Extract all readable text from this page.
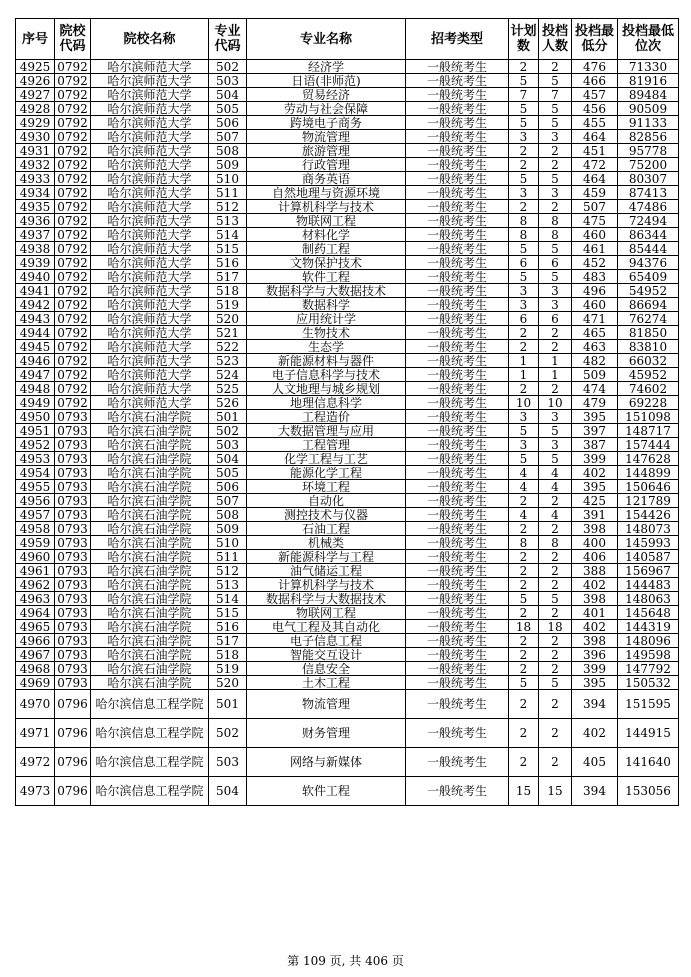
序号	院校代码	院校名称	专业代码	专业名称	招考类型	计划数	投档人数	投档最低分	投档最低位次
4925	0792	哈尔滨师范大学	502	经济学	一般统考生	2	2	476	71330
4926	0792	哈尔滨师范大学	503	日语(非师范)	一般统考生	5	5	466	81916
4927	0792	哈尔滨师范大学	504	贸易经济	一般统考生	7	7	457	89484
4928	0792	哈尔滨师范大学	505	劳动与社会保障	一般统考生	5	5	456	90509
4929	0792	哈尔滨师范大学	506	跨境电子商务	一般统考生	5	5	455	91133
4930	0792	哈尔滨师范大学	507	物流管理	一般统考生	3	3	464	82856
4931	0792	哈尔滨师范大学	508	旅游管理	一般统考生	2	2	451	95778
4932	0792	哈尔滨师范大学	509	行政管理	一般统考生	2	2	472	75200
4933	0792	哈尔滨师范大学	510	商务英语	一般统考生	5	5	464	80307
4934	0792	哈尔滨师范大学	511	自然地理与资源环境	一般统考生	3	3	459	87413
4935	0792	哈尔滨师范大学	512	计算机科学与技术	一般统考生	2	2	507	47486
4936	0792	哈尔滨师范大学	513	物联网工程	一般统考生	8	8	475	72494
4937	0792	哈尔滨师范大学	514	材料化学	一般统考生	8	8	460	86344
4938	0792	哈尔滨师范大学	515	制药工程	一般统考生	5	5	461	85444
4939	0792	哈尔滨师范大学	516	文物保护技术	一般统考生	6	6	452	94376
4940	0792	哈尔滨师范大学	517	软件工程	一般统考生	5	5	483	65409
4941	0792	哈尔滨师范大学	518	数据科学与大数据技术	一般统考生	3	3	496	54952
4942	0792	哈尔滨师范大学	519	数据科学	一般统考生	3	3	460	86694
4943	0792	哈尔滨师范大学	520	应用统计学	一般统考生	6	6	471	76274
4944	0792	哈尔滨师范大学	521	生物技术	一般统考生	2	2	465	81850
4945	0792	哈尔滨师范大学	522	生态学	一般统考生	2	2	463	83810
4946	0792	哈尔滨师范大学	523	新能源材料与器件	一般统考生	1	1	482	66032
4947	0792	哈尔滨师范大学	524	电子信息科学与技术	一般统考生	1	1	509	45952
4948	0792	哈尔滨师范大学	525	人文地理与城乡规划	一般统考生	2	2	474	74602
4949	0792	哈尔滨师范大学	526	地理信息科学	一般统考生	10	10	479	69228
4950	0793	哈尔滨石油学院	501	工程造价	一般统考生	3	3	395	151098
4951	0793	哈尔滨石油学院	502	大数据管理与应用	一般统考生	5	5	397	148717
4952	0793	哈尔滨石油学院	503	工程管理	一般统考生	3	3	387	157444
4953	0793	哈尔滨石油学院	504	化学工程与工艺	一般统考生	5	5	399	147628
4954	0793	哈尔滨石油学院	505	能源化学工程	一般统考生	4	4	402	144899
4955	0793	哈尔滨石油学院	506	环境工程	一般统考生	4	4	395	150646
4956	0793	哈尔滨石油学院	507	自动化	一般统考生	2	2	425	121789
4957	0793	哈尔滨石油学院	508	测控技术与仪器	一般统考生	4	4	391	154426
4958	0793	哈尔滨石油学院	509	石油工程	一般统考生	2	2	398	148073
4959	0793	哈尔滨石油学院	510	机械类	一般统考生	8	8	400	145993
4960	0793	哈尔滨石油学院	511	新能源科学与工程	一般统考生	2	2	406	140587
4961	0793	哈尔滨石油学院	512	油气储运工程	一般统考生	2	2	388	156967
4962	0793	哈尔滨石油学院	513	计算机科学与技术	一般统考生	2	2	402	144483
4963	0793	哈尔滨石油学院	514	数据科学与大数据技术	一般统考生	5	5	398	148063
4964	0793	哈尔滨石油学院	515	物联网工程	一般统考生	2	2	401	145648
4965	0793	哈尔滨石油学院	516	电气工程及其自动化	一般统考生	18	18	402	144319
4966	0793	哈尔滨石油学院	517	电子信息工程	一般统考生	2	2	398	148096
4967	0793	哈尔滨石油学院	518	智能交互设计	一般统考生	2	2	396	149598
4968	0793	哈尔滨石油学院	519	信息安全	一般统考生	2	2	399	147792
4969	0793	哈尔滨石油学院	520	土木工程	一般统考生	5	5	395	150532
4970	0796	哈尔滨信息工程学院	501	物流管理	一般统考生	2	2	394	151595
4971	0796	哈尔滨信息工程学院	502	财务管理	一般统考生	2	2	402	144915
4972	0796	哈尔滨信息工程学院	503	网络与新媒体	一般统考生	2	2	405	141640
4973	0796	哈尔滨信息工程学院	504	软件工程	一般统考生	15	15	394	153056
第 109 页, 共 406 页
